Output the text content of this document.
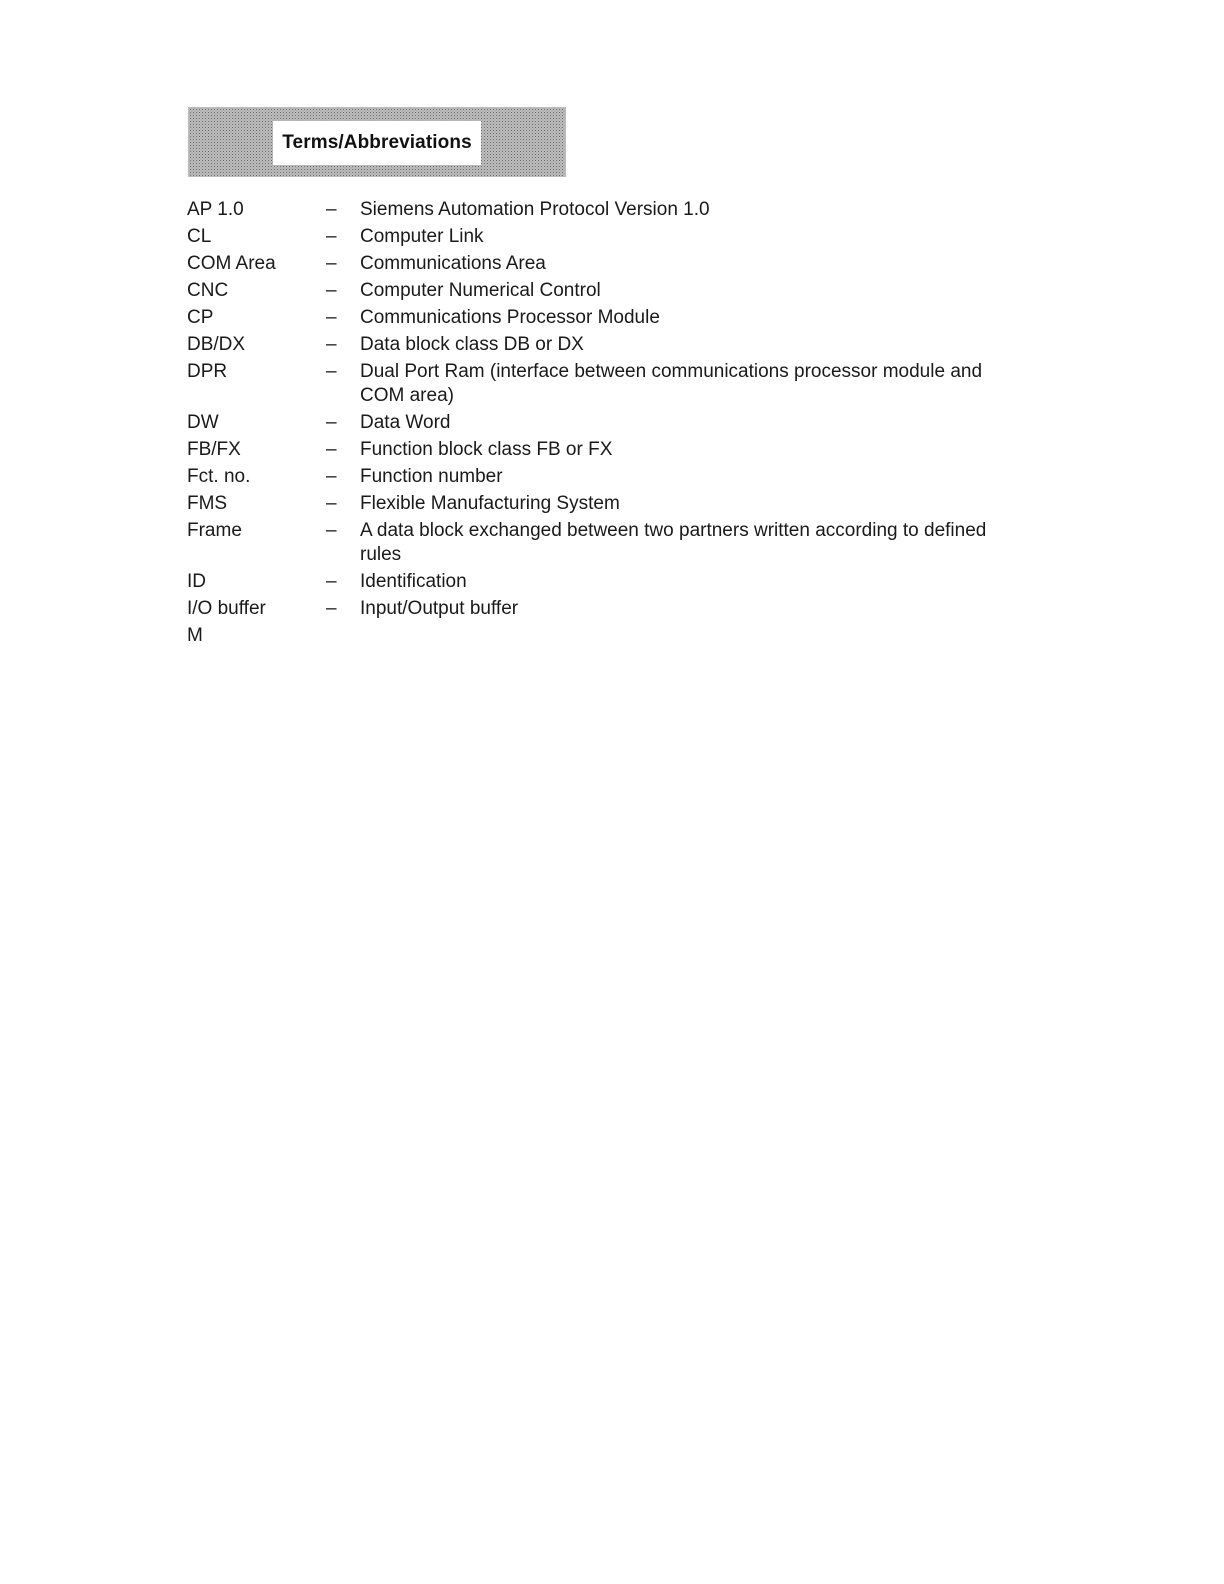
Terms/Abbreviations
AP 1.0	–	Siemens Automation Protocol Version 1.0
CL	–	Computer Link
COM Area	–	Communications Area
CNC	–	Computer Numerical Control
CP	–	Communications Processor Module
DB/DX	–	Data block class DB or DX
DPR	–	Dual Port Ram (interface between communications processor module and COM area)
DW	–	Data Word
FB/FX	–	Function block class FB or FX
Fct. no.	–	Function number
FMS	–	Flexible Manufacturing System
Frame	–	A data block exchanged between two partners written according to defined rules
ID	–	Identification
I/O buffer	–	Input/Output buffer
M
